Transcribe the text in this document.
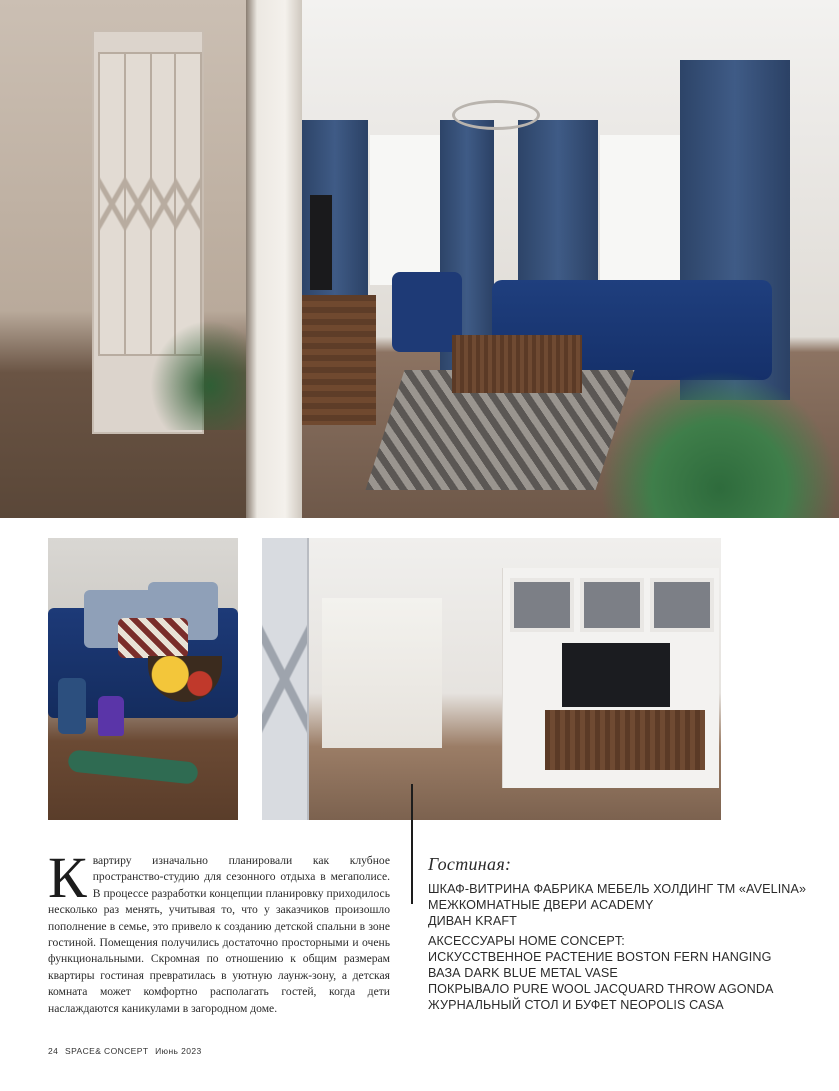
К вартиру изначально планировали как клубное пространство-студию для сезонного отдыха в мегаполисе. В процессе разработки концепции планировку приходилось несколько раз менять, учитывая то, что у заказчиков произошло пополнение в семье, это привело к созданию детской спальни в зоне гостиной. Помещения получились достаточно просторными и очень функциональными. Скромная по отношению к общим размерам квартиры гостиная превратилась в уютную лаунж-зону, а детская комната может комфортно располагать гостей, когда дети наслаждаются каникулами в загородном доме.

Гостиная:

ШКАФ-ВИТРИНА ФАБРИКА МЕБЕЛЬ ХОЛДИНГ ТМ «AVELINA»

МЕЖКОМНАТНЫЕ ДВЕРИ ACADEMY

ДИВАН KRAFT

АКСЕССУАРЫ HOME CONCEPT:

ИСКУССТВЕННОЕ РАСТЕНИЕ BOSTON FERN HANGING

ВАЗА DARK BLUE METAL VASE

ПОКРЫВАЛО PURE WOOL JACQUARD THROW AGONDA

ЖУРНАЛЬНЫЙ СТОЛ И БУФЕТ NEOPOLIS CASA

24 SPACE& CONCEPT Июнь 2023
